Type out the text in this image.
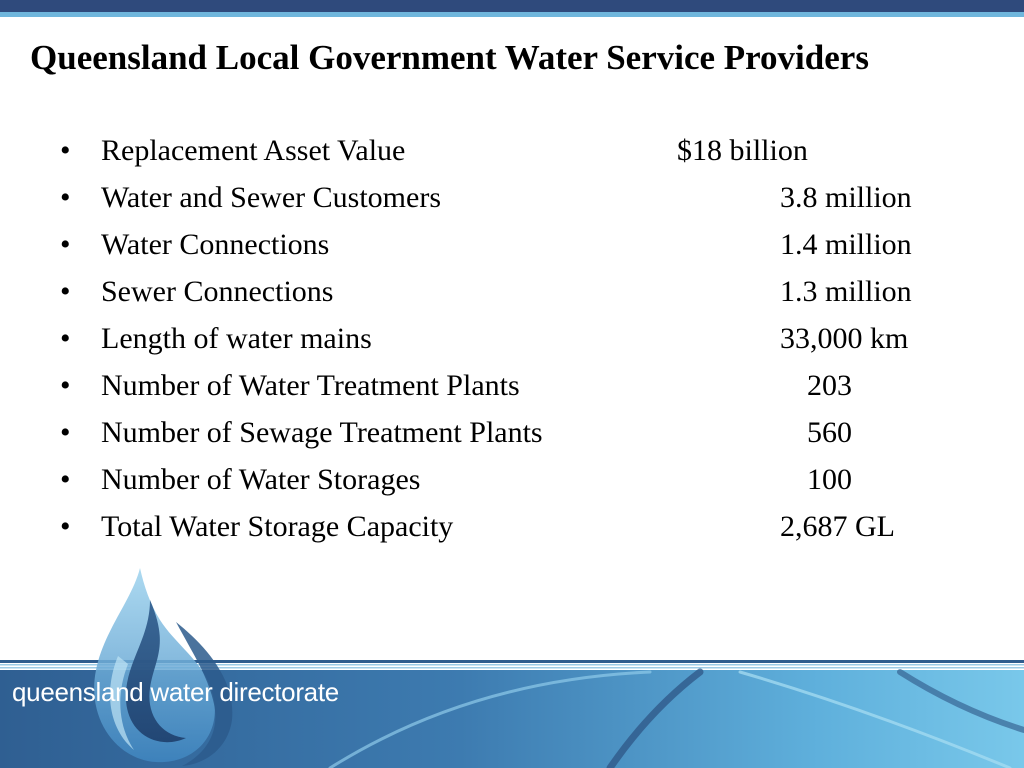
Queensland Local Government Water Service Providers
• Replacement Asset Value	$18 billion
• Water and Sewer Customers	3.8 million
• Water Connections	1.4 million
• Sewer Connections	1.3 million
• Length of water mains	33,000 km
• Number of Water Treatment Plants	203
• Number of Sewage Treatment Plants	560
• Number of Water Storages	100
• Total Water Storage Capacity	2,687 GL
queensland water directorate
